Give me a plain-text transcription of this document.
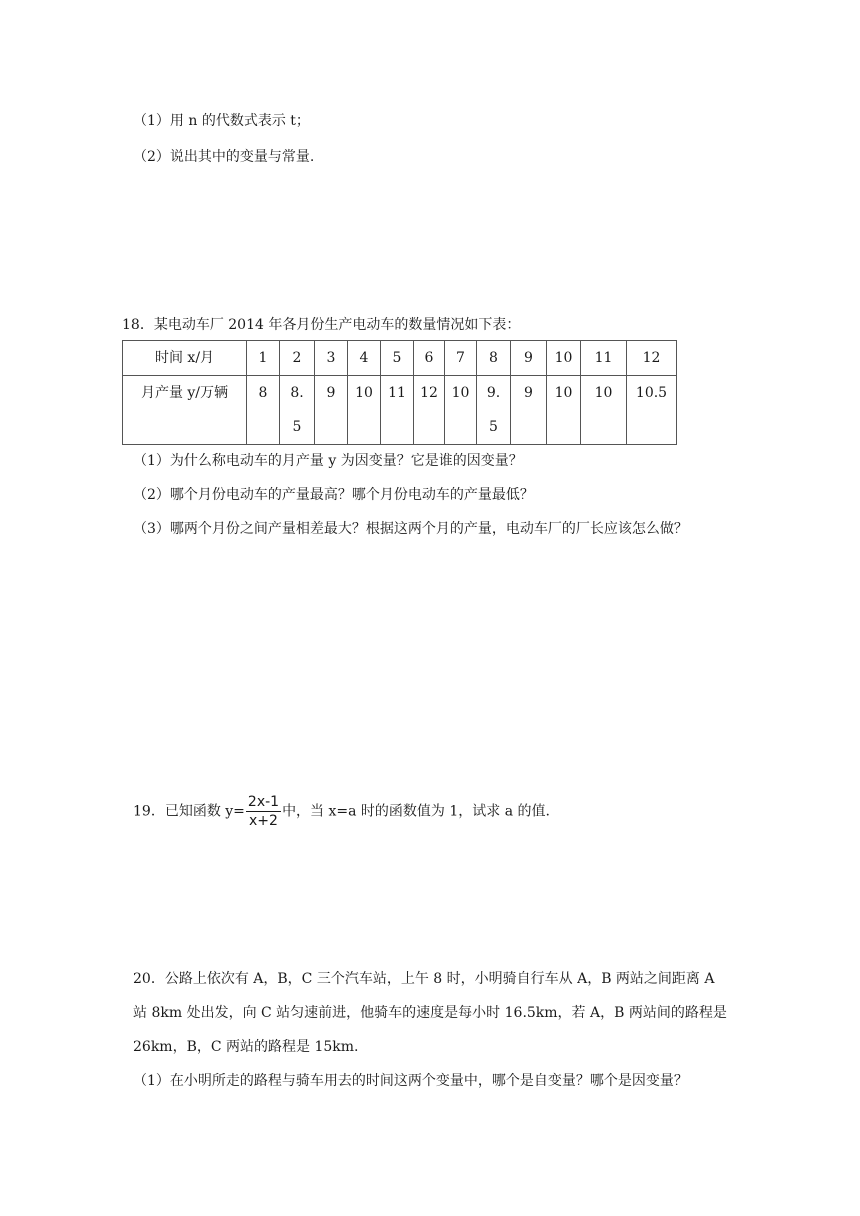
（1）用 n 的代数式表示 t；
（2）说出其中的变量与常量.
18．某电动车厂 2014 年各月份生产电动车的数量情况如下表：
时间 x/月	1	2	3	4	5	6	7	8	9	10	11	12
月产量 y/万辆	8	8.5	9	10	11	12	10	9.5	9	10	10	10.5
（1）为什么称电动车的月产量 y 为因变量？它是谁的因变量？
（2）哪个月份电动车的产量最高？哪个月份电动车的产量最低？
（3）哪两个月份之间产量相差最大？根据这两个月的产量，电动车厂的厂长应该怎么做？
19．已知函数 $y= \frac{2x-1}{x+2}$ 中，当 x=a 时的函数值为 1，试求 a 的值.
20．公路上依次有 A，B，C 三个汽车站，上午 8 时，小明骑自行车从 A，B 两站之间距离 A
站 8km 处出发，向 C 站匀速前进，他骑车的速度是每小时 16.5km，若 A，B 两站间的路程是
26km，B，C 两站的路程是 15km.
（1）在小明所走的路程与骑车用去的时间这两个变量中，哪个是自变量？哪个是因变量？
